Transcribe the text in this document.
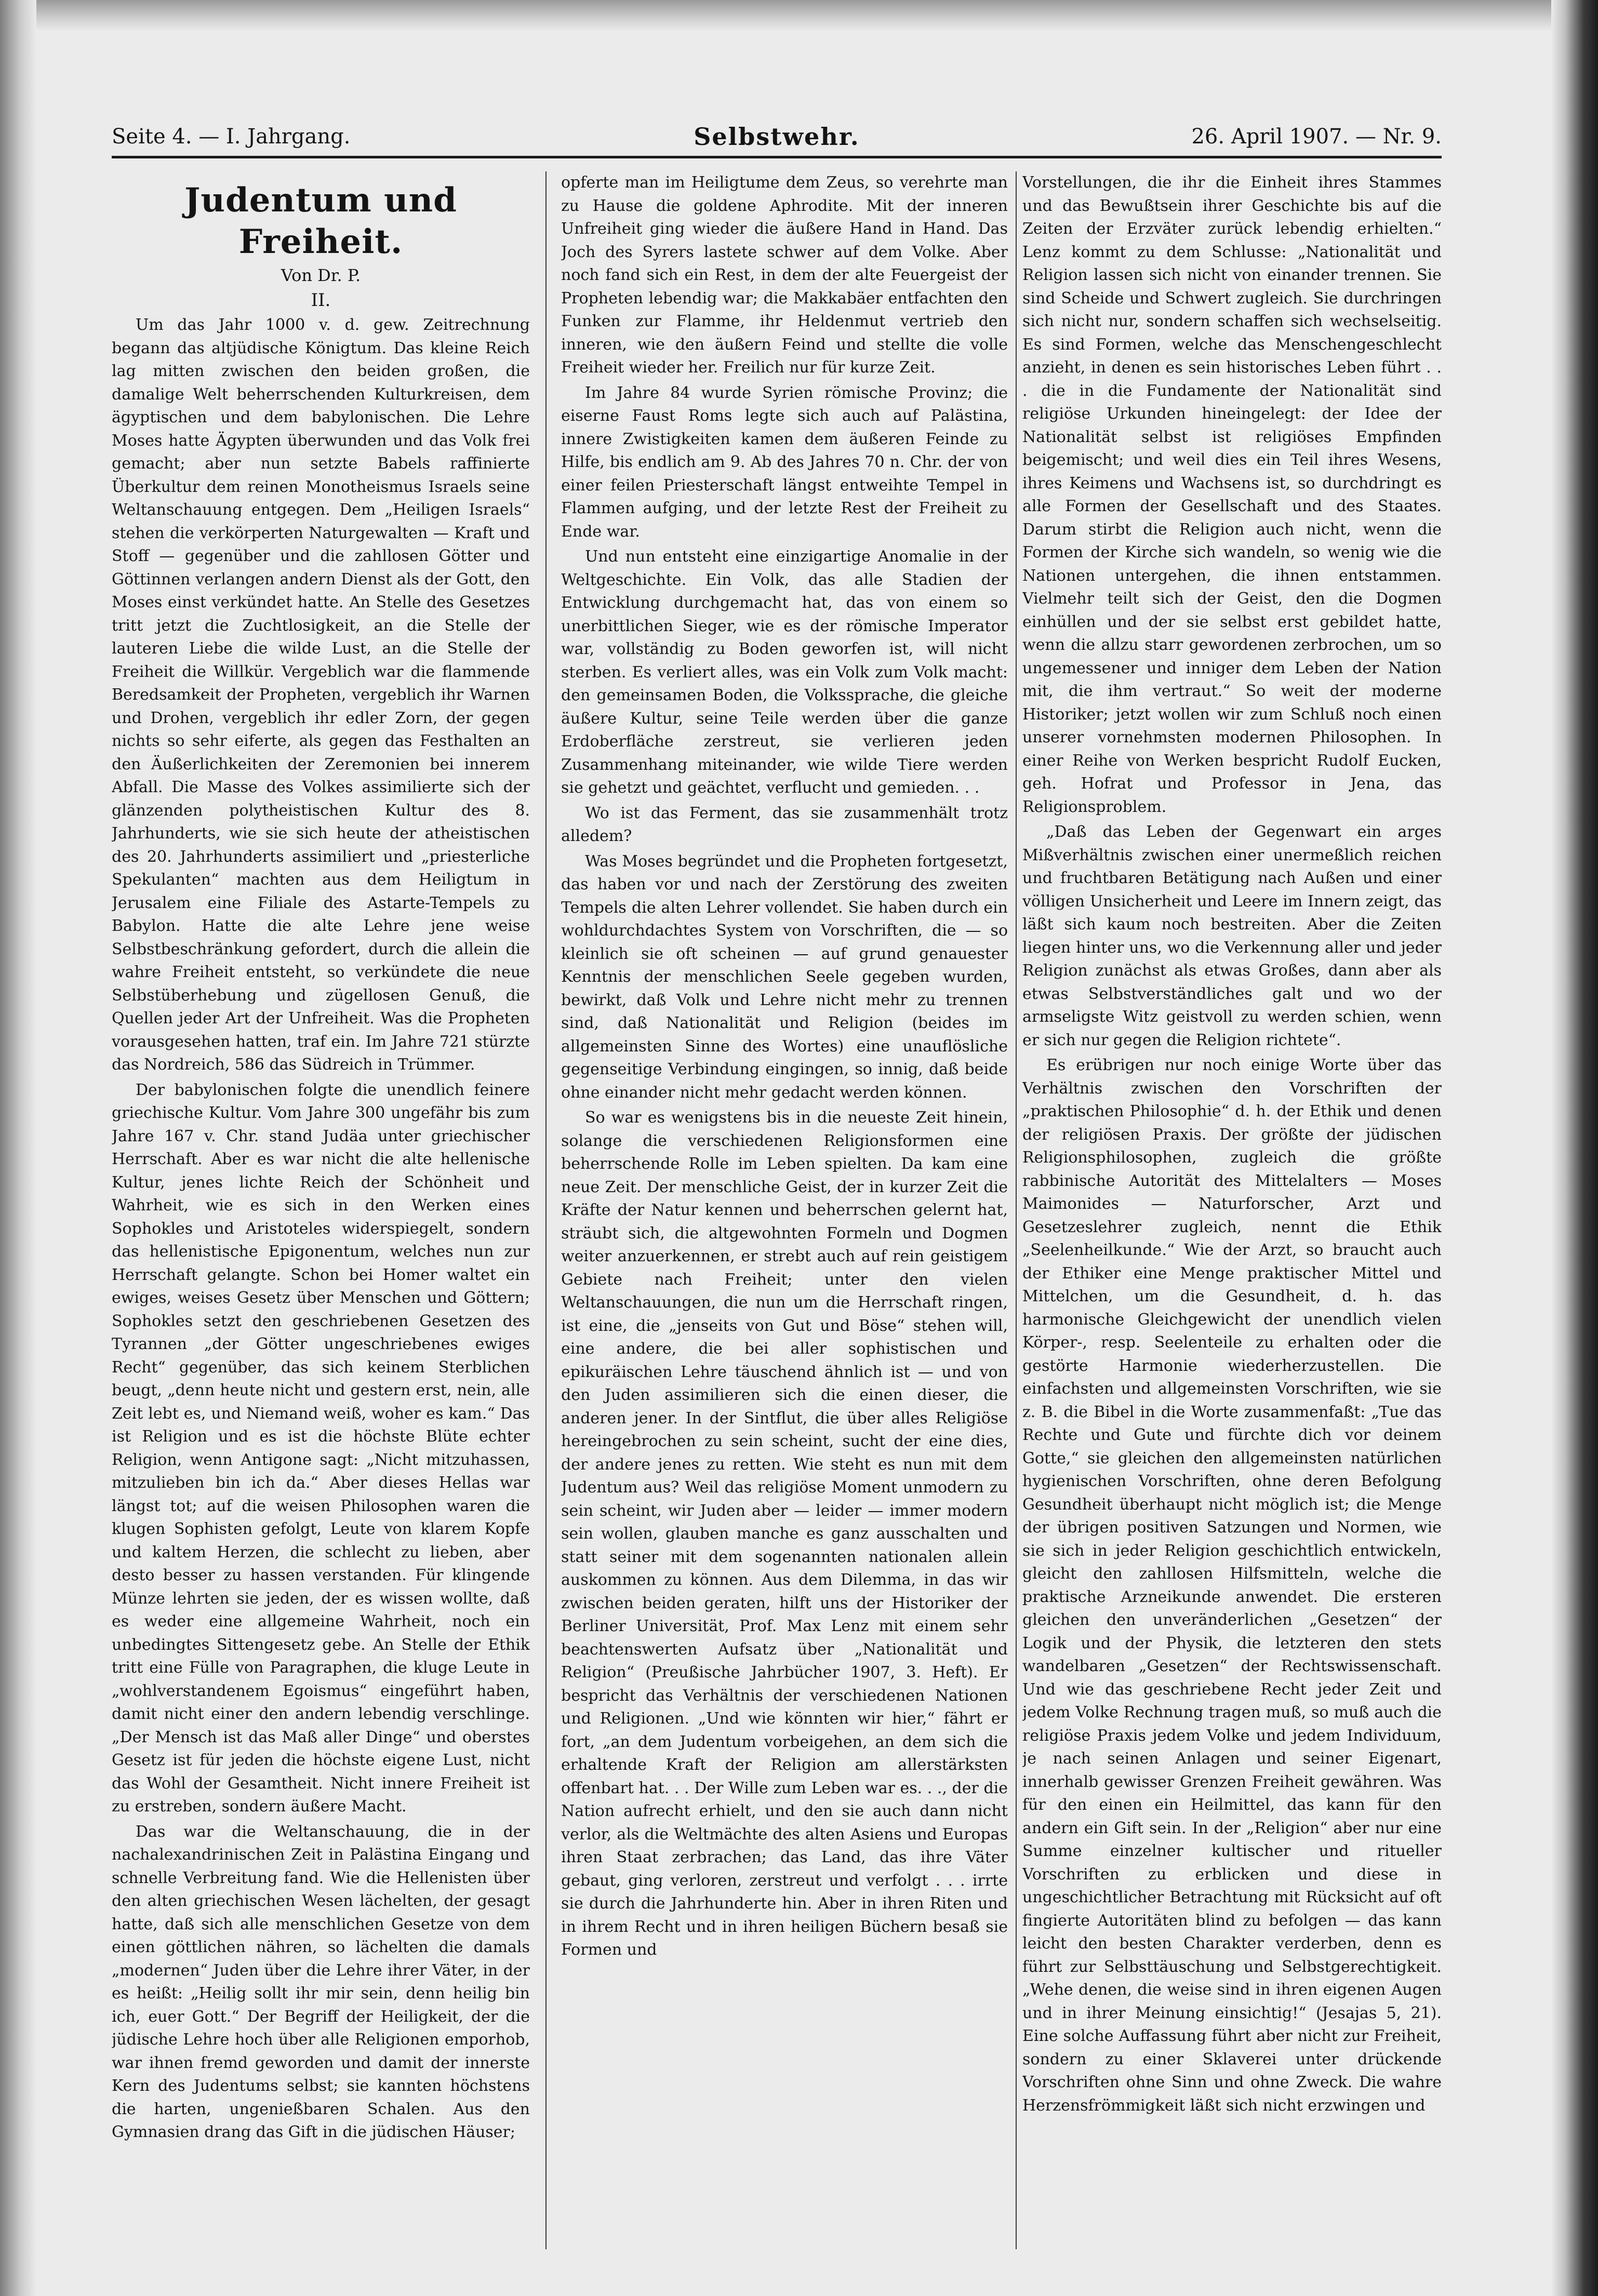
Seite 4. — I. Jahrgang.	Selbstwehr.	26. April 1907. — Nr. 9.
Judentum und Freiheit.
Von Dr. P.
II.

Um das Jahr 1000 v. d. gew. Zeitrechnung begann das altjüdische Königtum. Das kleine Reich lag mitten zwischen den beiden großen, die damalige Welt beherrschenden Kulturkreisen, dem ägyptischen und dem babylonischen. Die Lehre Moses hatte Ägypten überwunden und das Volk frei gemacht; aber nun setzte Babels raffinierte Überkultur dem reinen Monotheismus Israels seine Weltanschauung entgegen. Dem „Heiligen Israels“ stehen die verkörperten Naturgewalten — Kraft und Stoff — gegenüber und die zahllosen Götter und Göttinnen verlangen andern Dienst als der Gott, den Moses einst verkündet hatte. An Stelle des Gesetzes tritt jetzt die Zuchtlosigkeit, an die Stelle der lauteren Liebe die wilde Lust, an die Stelle der Freiheit die Willkür. Vergeblich war die flammende Beredsamkeit der Propheten, vergeblich ihr Warnen und Drohen, vergeblich ihr edler Zorn, der gegen nichts so sehr eiferte, als gegen das Festhalten an den Äußerlichkeiten der Zeremonien bei innerem Abfall. Die Masse des Volkes assimilierte sich der glänzenden polytheistischen Kultur des 8. Jahrhunderts, wie sie sich heute der atheistischen des 20. Jahrhunderts assimiliert und „priesterliche Spekulanten“ machten aus dem Heiligtum in Jerusalem eine Filiale des Astarte-Tempels zu Babylon. Hatte die alte Lehre jene weise Selbstbeschränkung gefordert, durch die allein die wahre Freiheit entsteht, so verkündete die neue Selbstüberhebung und zügellosen Genuß, die Quellen jeder Art der Unfreiheit. Was die Propheten vorausgesehen hatten, traf ein. Im Jahre 721 stürzte das Nordreich, 586 das Südreich in Trümmer.

Der babylonischen folgte die unendlich feinere griechische Kultur. Vom Jahre 300 ungefähr bis zum Jahre 167 v. Chr. stand Judäa unter griechischer Herrschaft. Aber es war nicht die alte hellenische Kultur, jenes lichte Reich der Schönheit und Wahrheit, wie es sich in den Werken eines Sophokles und Aristoteles widerspiegelt, sondern das hellenistische Epigonentum, welches nun zur Herrschaft gelangte. Schon bei Homer waltet ein ewiges, weises Gesetz über Menschen und Göttern; Sophokles setzt den geschriebenen Gesetzen des Tyrannen „der Götter ungeschriebenes ewiges Recht“ gegenüber, das sich keinem Sterblichen beugt, „denn heute nicht und gestern erst, nein, alle Zeit lebt es, und Niemand weiß, woher es kam.“ Das ist Religion und es ist die höchste Blüte echter Religion, wenn Antigone sagt: „Nicht mitzuhassen, mitzulieben bin ich da.“ Aber dieses Hellas war längst tot; auf die weisen Philosophen waren die klugen Sophisten gefolgt, Leute von klarem Kopfe und kaltem Herzen, die schlecht zu lieben, aber desto besser zu hassen verstanden. Für klingende Münze lehrten sie jeden, der es wissen wollte, daß es weder eine allgemeine Wahrheit, noch ein unbedingtes Sittengesetz gebe. An Stelle der Ethik tritt eine Fülle von Paragraphen, die kluge Leute in „wohlverstandenem Egoismus“ eingeführt haben, damit nicht einer den andern lebendig verschlinge. „Der Mensch ist das Maß aller Dinge“ und oberstes Gesetz ist für jeden die höchste eigene Lust, nicht das Wohl der Gesamtheit. Nicht innere Freiheit ist zu erstreben, sondern äußere Macht.

Das war die Weltanschauung, die in der nachalexandrinischen Zeit in Palästina Eingang und schnelle Verbreitung fand. Wie die Hellenisten über den alten griechischen Wesen lächelten, der gesagt hatte, daß sich alle menschlichen Gesetze von dem einen göttlichen nähren, so lächelten die damals „modernen“ Juden über die Lehre ihrer Väter, in der es heißt: „Heilig sollt ihr mir sein, denn heilig bin ich, euer Gott.“ Der Begriff der Heiligkeit, der die jüdische Lehre hoch über alle Religionen emporhob, war ihnen fremd geworden und damit der innerste Kern des Judentums selbst; sie kannten höchstens die harten, ungenießbaren Schalen. Aus den Gymnasien drang das Gift in die jüdischen Häuser;

opferte man im Heiligtume dem Zeus, so verehrte man zu Hause die goldene Aphrodite. Mit der inneren Unfreiheit ging wieder die äußere Hand in Hand. Das Joch des Syrers lastete schwer auf dem Volke. Aber noch fand sich ein Rest, in dem der alte Feuergeist der Propheten lebendig war; die Makkabäer entfachten den Funken zur Flamme, ihr Heldenmut vertrieb den inneren, wie den äußern Feind und stellte die volle Freiheit wieder her. Freilich nur für kurze Zeit.

Im Jahre 84 wurde Syrien römische Provinz; die eiserne Faust Roms legte sich auch auf Palästina, innere Zwistigkeiten kamen dem äußeren Feinde zu Hilfe, bis endlich am 9. Ab des Jahres 70 n. Chr. der von einer feilen Priesterschaft längst entweihte Tempel in Flammen aufging, und der letzte Rest der Freiheit zu Ende war.

Und nun entsteht eine einzigartige Anomalie in der Weltgeschichte. Ein Volk, das alle Stadien der Entwicklung durchgemacht hat, das von einem so unerbittlichen Sieger, wie es der römische Imperator war, vollständig zu Boden geworfen ist, will nicht sterben. Es verliert alles, was ein Volk zum Volk macht: den gemeinsamen Boden, die Volkssprache, die gleiche äußere Kultur, seine Teile werden über die ganze Erdoberfläche zerstreut, sie verlieren jeden Zusammenhang miteinander, wie wilde Tiere werden sie gehetzt und geächtet, verflucht und gemieden. . .

Wo ist das Ferment, das sie zusammenhält trotz alledem?

Was Moses begründet und die Propheten fortgesetzt, das haben vor und nach der Zerstörung des zweiten Tempels die alten Lehrer vollendet. Sie haben durch ein wohldurchdachtes System von Vorschriften, die — so kleinlich sie oft scheinen — auf grund genauester Kenntnis der menschlichen Seele gegeben wurden, bewirkt, daß Volk und Lehre nicht mehr zu trennen sind, daß Nationalität und Religion (beides im allgemeinsten Sinne des Wortes) eine unauflösliche gegenseitige Verbindung eingingen, so innig, daß beide ohne einander nicht mehr gedacht werden können.

So war es wenigstens bis in die neueste Zeit hinein, solange die verschiedenen Religionsformen eine beherrschende Rolle im Leben spielten. Da kam eine neue Zeit. Der menschliche Geist, der in kurzer Zeit die Kräfte der Natur kennen und beherrschen gelernt hat, sträubt sich, die altgewohnten Formeln und Dogmen weiter anzuerkennen, er strebt auch auf rein geistigem Gebiete nach Freiheit; unter den vielen Weltanschauungen, die nun um die Herrschaft ringen, ist eine, die „jenseits von Gut und Böse“ stehen will, eine andere, die bei aller sophistischen und epikuräischen Lehre täuschend ähnlich ist — und von den Juden assimilieren sich die einen dieser, die anderen jener. In der Sintflut, die über alles Religiöse hereingebrochen zu sein scheint, sucht der eine dies, der andere jenes zu retten. Wie steht es nun mit dem Judentum aus? Weil das religiöse Moment unmodern zu sein scheint, wir Juden aber — leider — immer modern sein wollen, glauben manche es ganz ausschalten und statt seiner mit dem sogenannten nationalen allein auskommen zu können. Aus dem Dilemma, in das wir zwischen beiden geraten, hilft uns der Historiker der Berliner Universität, Prof. Max Lenz mit einem sehr beachtenswerten Aufsatz über „Nationalität und Religion“ (Preußische Jahrbücher 1907, 3. Heft). Er bespricht das Verhältnis der verschiedenen Nationen und Religionen. „Und wie könnten wir hier,“ fährt er fort, „an dem Judentum vorbeigehen, an dem sich die erhaltende Kraft der Religion am allerstärksten offenbart hat. . . Der Wille zum Leben war es. . ., der die Nation aufrecht erhielt, und den sie auch dann nicht verlor, als die Weltmächte des alten Asiens und Europas ihren Staat zerbrachen; das Land, das ihre Väter gebaut, ging verloren, zerstreut und verfolgt . . . irrte sie durch die Jahrhunderte hin. Aber in ihren Riten und in ihrem Recht und in ihren heiligen Büchern besaß sie Formen und

Vorstellungen, die ihr die Einheit ihres Stammes und das Bewußtsein ihrer Geschichte bis auf die Zeiten der Erzväter zurück lebendig erhielten.“ Lenz kommt zu dem Schlusse: „Nationalität und Religion lassen sich nicht von einander trennen. Sie sind Scheide und Schwert zugleich. Sie durchringen sich nicht nur, sondern schaffen sich wechselseitig. Es sind Formen, welche das Menschengeschlecht anzieht, in denen es sein historisches Leben führt . . . die in die Fundamente der Nationalität sind religiöse Urkunden hineingelegt: der Idee der Nationalität selbst ist religiöses Empfinden beigemischt; und weil dies ein Teil ihres Wesens, ihres Keimens und Wachsens ist, so durchdringt es alle Formen der Gesellschaft und des Staates. Darum stirbt die Religion auch nicht, wenn die Formen der Kirche sich wandeln, so wenig wie die Nationen untergehen, die ihnen entstammen. Vielmehr teilt sich der Geist, den die Dogmen einhüllen und der sie selbst erst gebildet hatte, wenn die allzu starr gewordenen zerbrochen, um so ungemessener und inniger dem Leben der Nation mit, die ihm vertraut.“ So weit der moderne Historiker; jetzt wollen wir zum Schluß noch einen unserer vornehmsten modernen Philosophen. In einer Reihe von Werken bespricht Rudolf Eucken, geh. Hofrat und Professor in Jena, das Religionsproblem.

„Daß das Leben der Gegenwart ein arges Mißverhältnis zwischen einer unermeßlich reichen und fruchtbaren Betätigung nach Außen und einer völligen Unsicherheit und Leere im Innern zeigt, das läßt sich kaum noch bestreiten. Aber die Zeiten liegen hinter uns, wo die Verkennung aller und jeder Religion zunächst als etwas Großes, dann aber als etwas Selbstverständliches galt und wo der armseligste Witz geistvoll zu werden schien, wenn er sich nur gegen die Religion richtete“.

Es erübrigen nur noch einige Worte über das Verhältnis zwischen den Vorschriften der „praktischen Philosophie“ d. h. der Ethik und denen der religiösen Praxis. Der größte der jüdischen Religionsphilosophen, zugleich die größte rabbinische Autorität des Mittelalters — Moses Maimonides — Naturforscher, Arzt und Gesetzeslehrer zugleich, nennt die Ethik „Seelenheilkunde.“ Wie der Arzt, so braucht auch der Ethiker eine Menge praktischer Mittel und Mittelchen, um die Gesundheit, d. h. das harmonische Gleichgewicht der unendlich vielen Körper-, resp. Seelenteile zu erhalten oder die gestörte Harmonie wiederherzustellen. Die einfachsten und allgemeinsten Vorschriften, wie sie z. B. die Bibel in die Worte zusammenfaßt: „Tue das Rechte und Gute und fürchte dich vor deinem Gotte,“ sie gleichen den allgemeinsten natürlichen hygienischen Vorschriften, ohne deren Befolgung Gesundheit überhaupt nicht möglich ist; die Menge der übrigen positiven Satzungen und Normen, wie sie sich in jeder Religion geschichtlich entwickeln, gleicht den zahllosen Hilfsmitteln, welche die praktische Arzneikunde anwendet. Die ersteren gleichen den unveränderlichen „Gesetzen“ der Logik und der Physik, die letzteren den stets wandelbaren „Gesetzen“ der Rechtswissenschaft. Und wie das geschriebene Recht jeder Zeit und jedem Volke Rechnung tragen muß, so muß auch die religiöse Praxis jedem Volke und jedem Individuum, je nach seinen Anlagen und seiner Eigenart, innerhalb gewisser Grenzen Freiheit gewähren. Was für den einen ein Heilmittel, das kann für den andern ein Gift sein. In der „Religion“ aber nur eine Summe einzelner kultischer und ritueller Vorschriften zu erblicken und diese in ungeschichtlicher Betrachtung mit Rücksicht auf oft fingierte Autoritäten blind zu befolgen — das kann leicht den besten Charakter verderben, denn es führt zur Selbsttäuschung und Selbstgerechtigkeit. „Wehe denen, die weise sind in ihren eigenen Augen und in ihrer Meinung einsichtig!“ (Jesajas 5, 21). Eine solche Auffassung führt aber nicht zur Freiheit, sondern zu einer Sklaverei unter drückende Vorschriften ohne Sinn und ohne Zweck. Die wahre Herzensfrömmigkeit läßt sich nicht erzwingen und
